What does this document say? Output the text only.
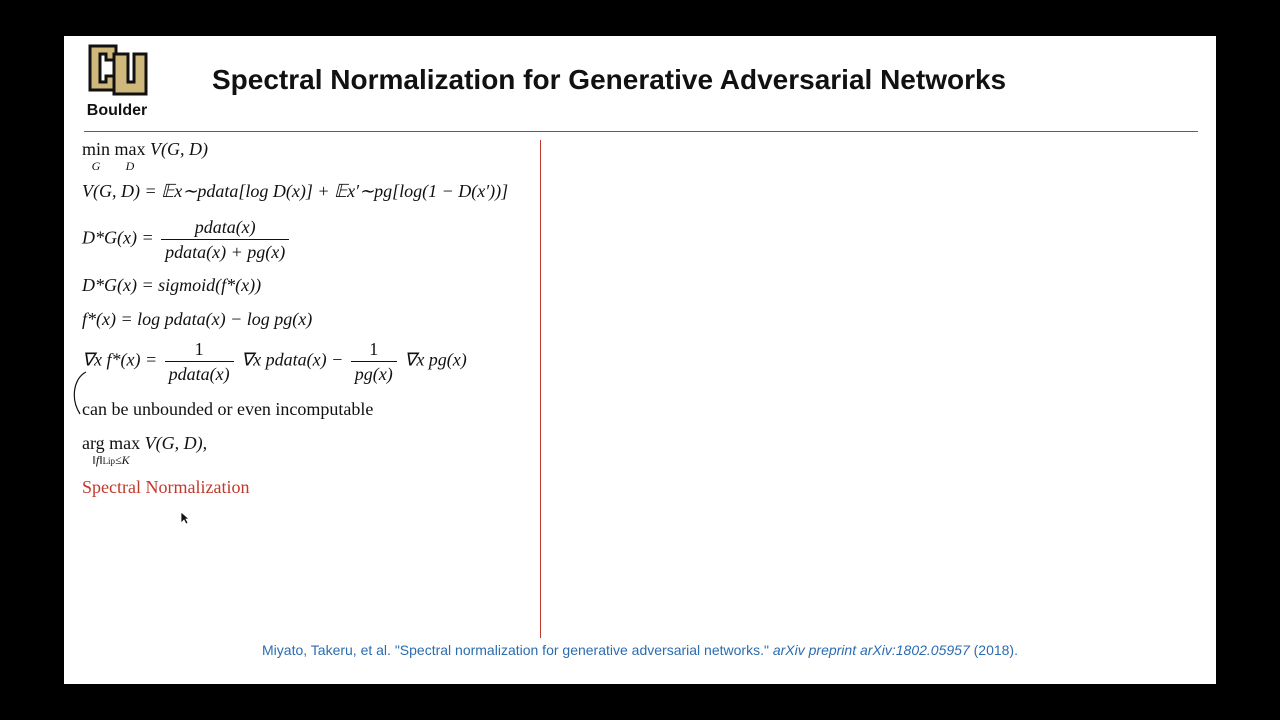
Boulder
Spectral Normalization for Generative Adversarial Networks
min
G
max
D
V(G, D)
V(G, D) = 𝔼x∼pdata[log D(x)] + 𝔼x′∼pg[log(1 − D(x′))]
$D*G(x) = \frac{\text{pdata(x)}}{\text{pdata(x) + pg(x)}}$
D*G(x) = sigmoid(f*(x))
f*(x) = log pdata(x) − log pg(x)
∇x $f*(x) = \frac{1}{\text{pdata(x)}} \nabla x$ pdata(x) − $\frac{1}{pg(x)} \nabla x$ pg(x)
can be unbounded or even incomputable
arg max
‖f‖Lip≤K
V(G, D),
Spectral Normalization
Miyato, Takeru, et al. "Spectral normalization for generative adversarial networks." arXiv preprint arXiv:1802.05957 (2018).
